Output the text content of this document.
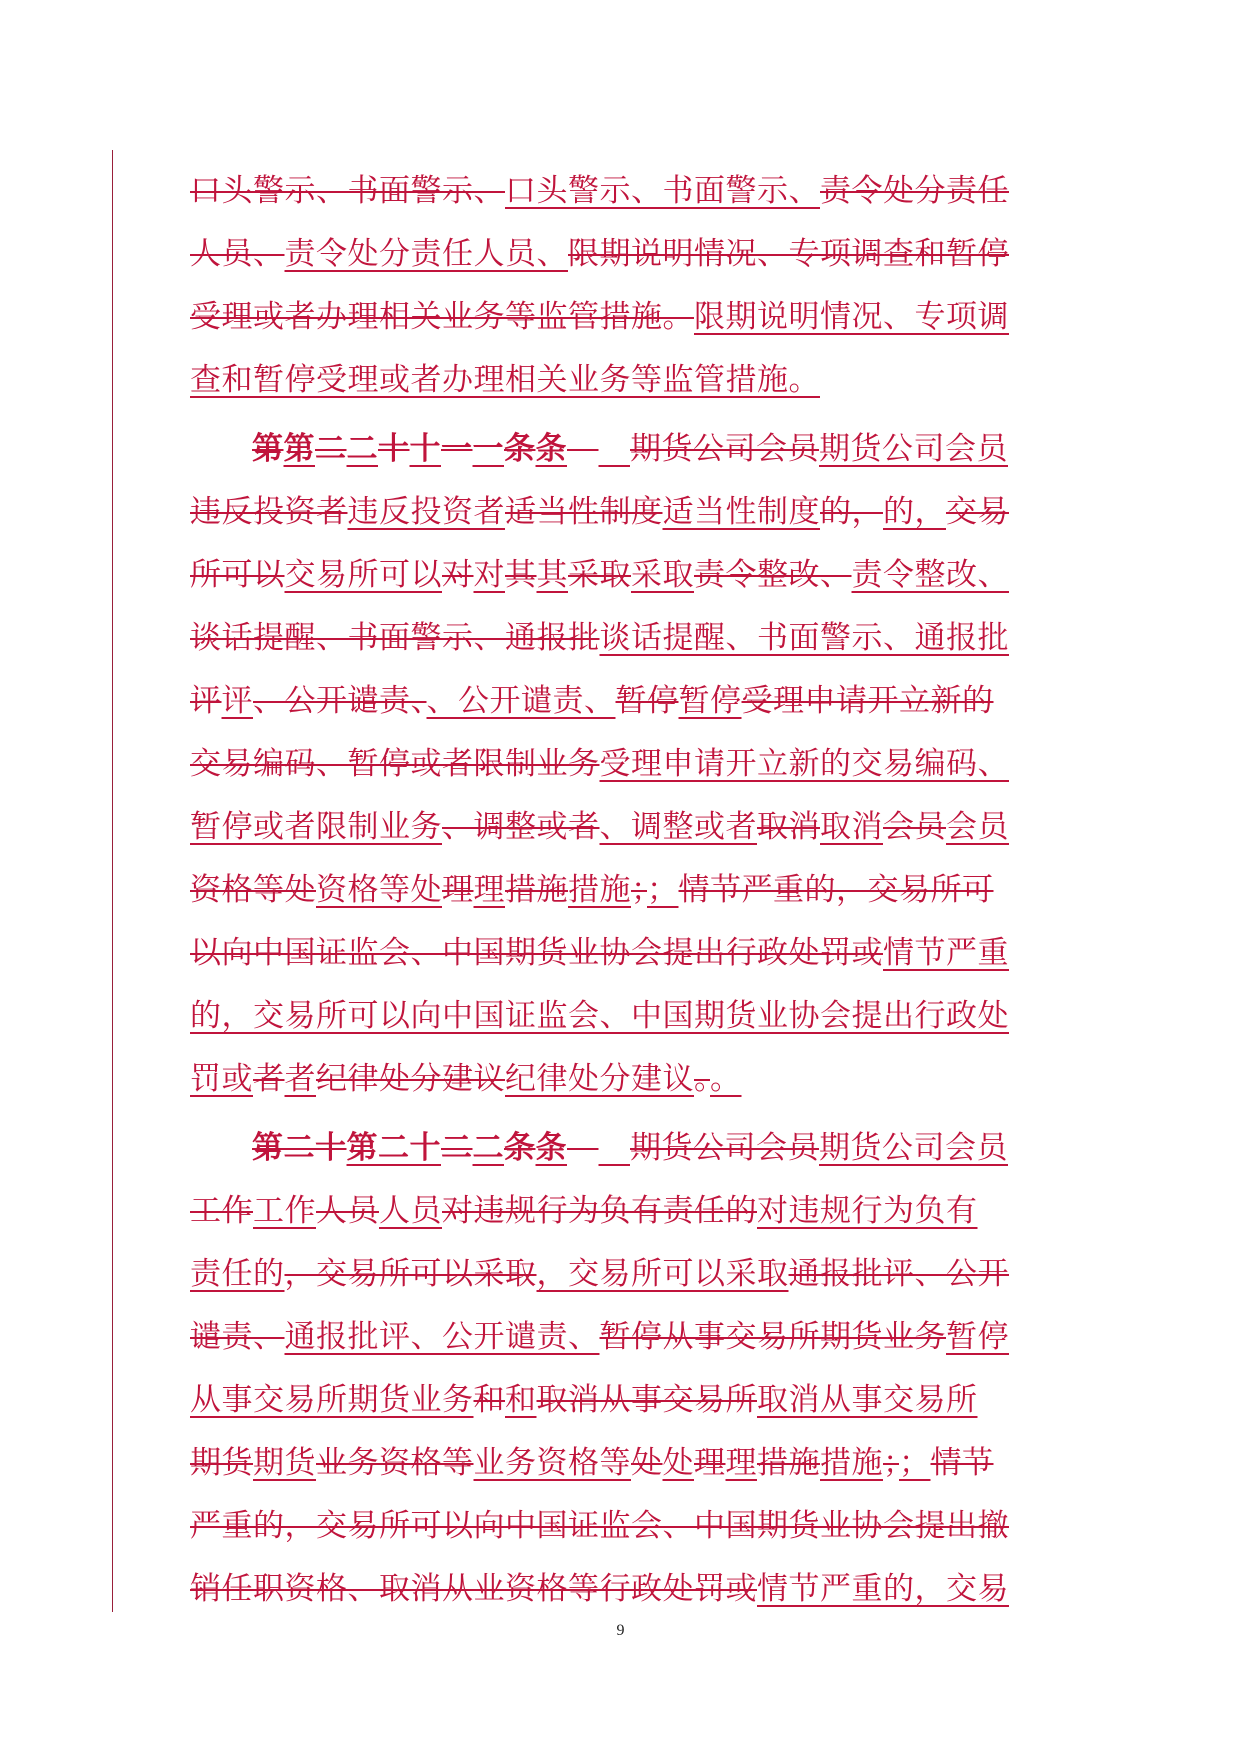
口头警示、书面警示、口头警示、书面警示、责令处分责任
人员、责令处分责任人员、限期说明情况、专项调查和暂停
受理或者办理相关业务等监管措施。限期说明情况、专项调
查和暂停受理或者办理相关业务等监管措施。
第第二二十十一一条条　　 期货公司会员期货公司会员
违反投资者违反投资者适当性制度适当性制度的，的，交易
所可以交易所可以对对其其采取采取责令整改、责令整改、
谈话提醒、书面警示、通报批谈话提醒、书面警示、通报批
评评、公开谴责、、公开谴责、暂停暂停受理申请开立新的
交易编码、暂停或者限制业务受理申请开立新的交易编码、
暂停或者限制业务、调整或者、调整或者取消取消会员会员
资格等处资格等处理理措施措施；；情节严重的，交易所可
以向中国证监会、中国期货业协会提出行政处罚或情节严重
的，交易所可以向中国证监会、中国期货业协会提出行政处
罚或者者纪律处分建议纪律处分建议。。
第二十第二十二二条条　　 期货公司会员期货公司会员
工作工作人员人员对违规行为负有责任的对违规行为负有
责任的，交易所可以采取，交易所可以采取通报批评、公开
谴责、通报批评、公开谴责、暂停从事交易所期货业务暂停
从事交易所期货业务和和取消从事交易所取消从事交易所
期货期货业务资格等业务资格等处处理理措施措施；；情节
严重的，交易所可以向中国证监会、中国期货业协会提出撤
销任职资格、取消从业资格等行政处罚或情节严重的，交易
9
